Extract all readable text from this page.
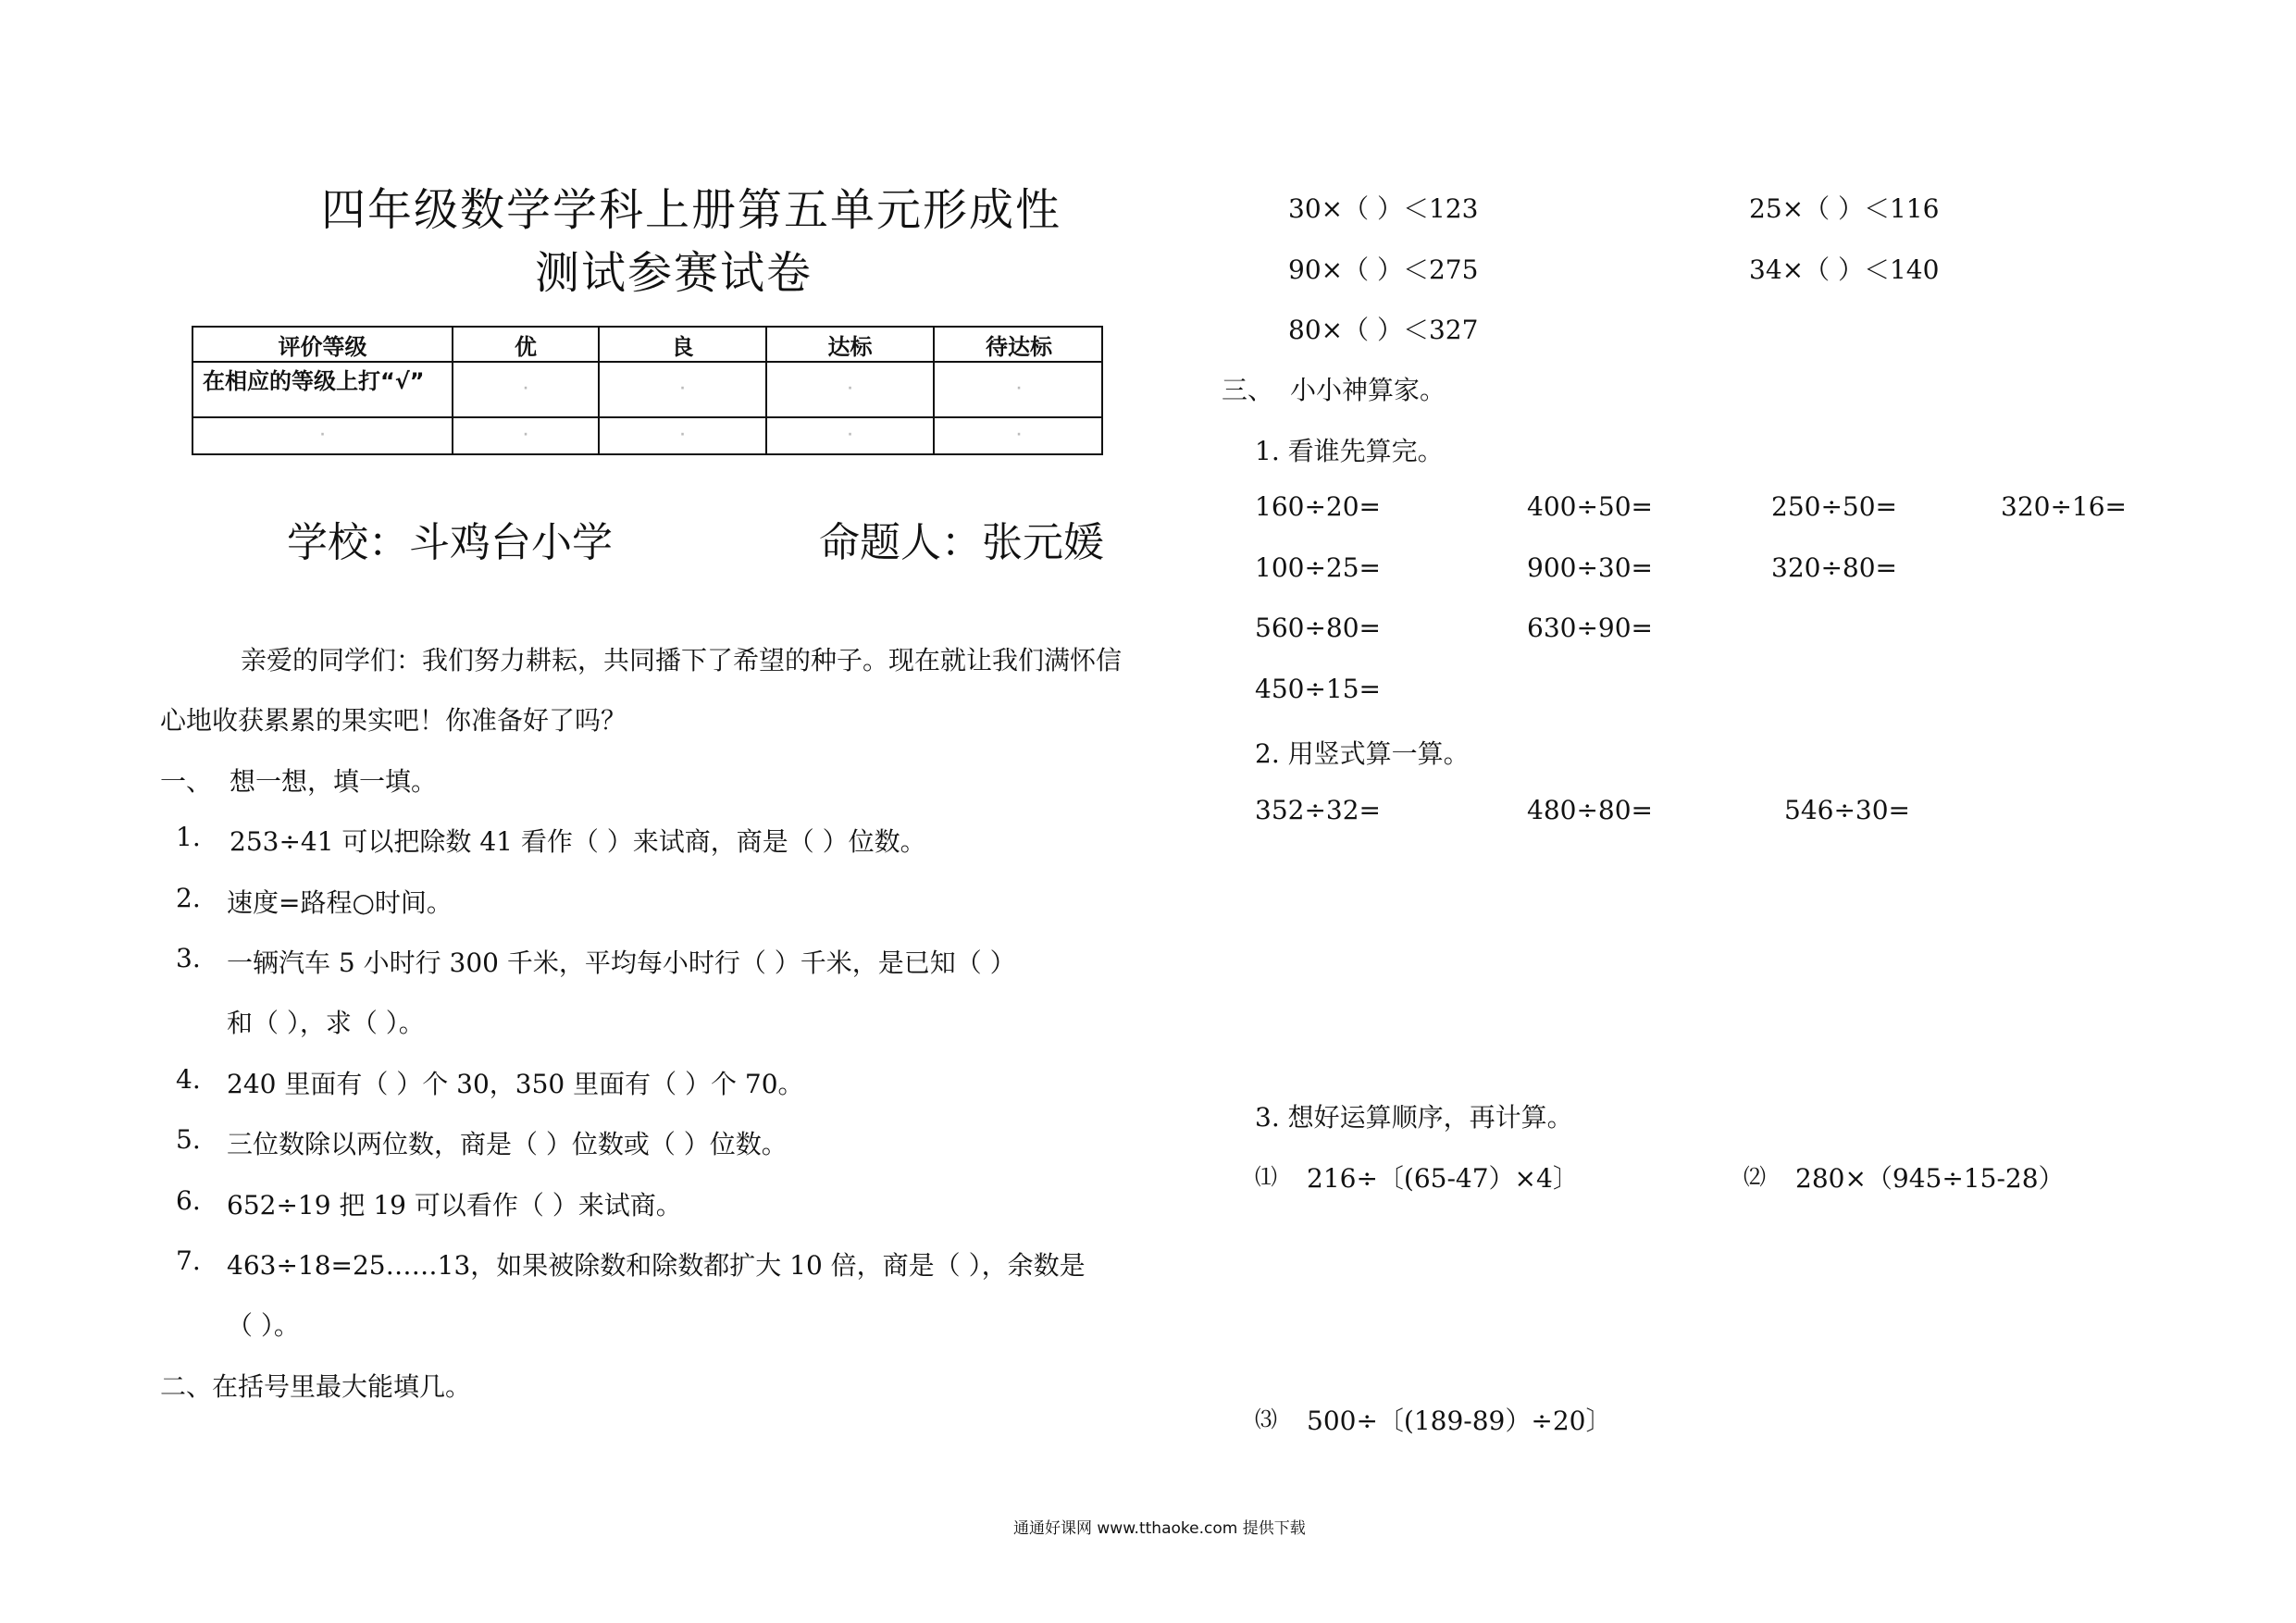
四年级数学学科上册第五单元形成性
测试参赛试卷
评价等级	优	良	达标	待达标
在相应的等级上打“√”	·	·	·	·
·	·	·	·	·
学校：斗鸡台小学	命题人：张元媛
亲爱的同学们：我们努力耕耘，共同播下了希望的种子。现在就让我们满怀信
心地收获累累的果实吧！你准备好了吗？
一、 想一想，填一填。
1. 253÷41 可以把除数 41 看作（ ）来试商，商是（ ）位数。
2. 速度=路程○时间。
3. 一辆汽车 5 小时行 300 千米，平均每小时行（ ）千米，是已知（ ）
和（ ），求（ ）。
4. 240 里面有（ ）个 30，350 里面有（ ）个 70。
5. 三位数除以两位数，商是（ ）位数或（ ）位数。
6. 652÷19 把 19 可以看作（ ）来试商。
7. 463÷18=25……13，如果被除数和除数都扩大 10 倍，商是（ ），余数是
（ ）。
二、在括号里最大能填几。
30×（ ）＜123	25×（ ）＜116
90×（ ）＜275	34×（ ）＜140
80×（ ）＜327
三、 小小神算家。
1. 看谁先算完。
160÷20=	400÷50=	250÷50=	320÷16=
100÷25=	900÷30=	320÷80=
560÷80=	630÷90=
450÷15=
2. 用竖式算一算。
352÷32=	480÷80=	546÷30=
3. 想好运算顺序，再计算。
⑴ 216÷〔(65-47）×4〕	⑵ 280×（945÷15-28）
⑶ 500÷〔(189-89）÷20〕
通通好课网 www.tthaoke.com 提供下载
